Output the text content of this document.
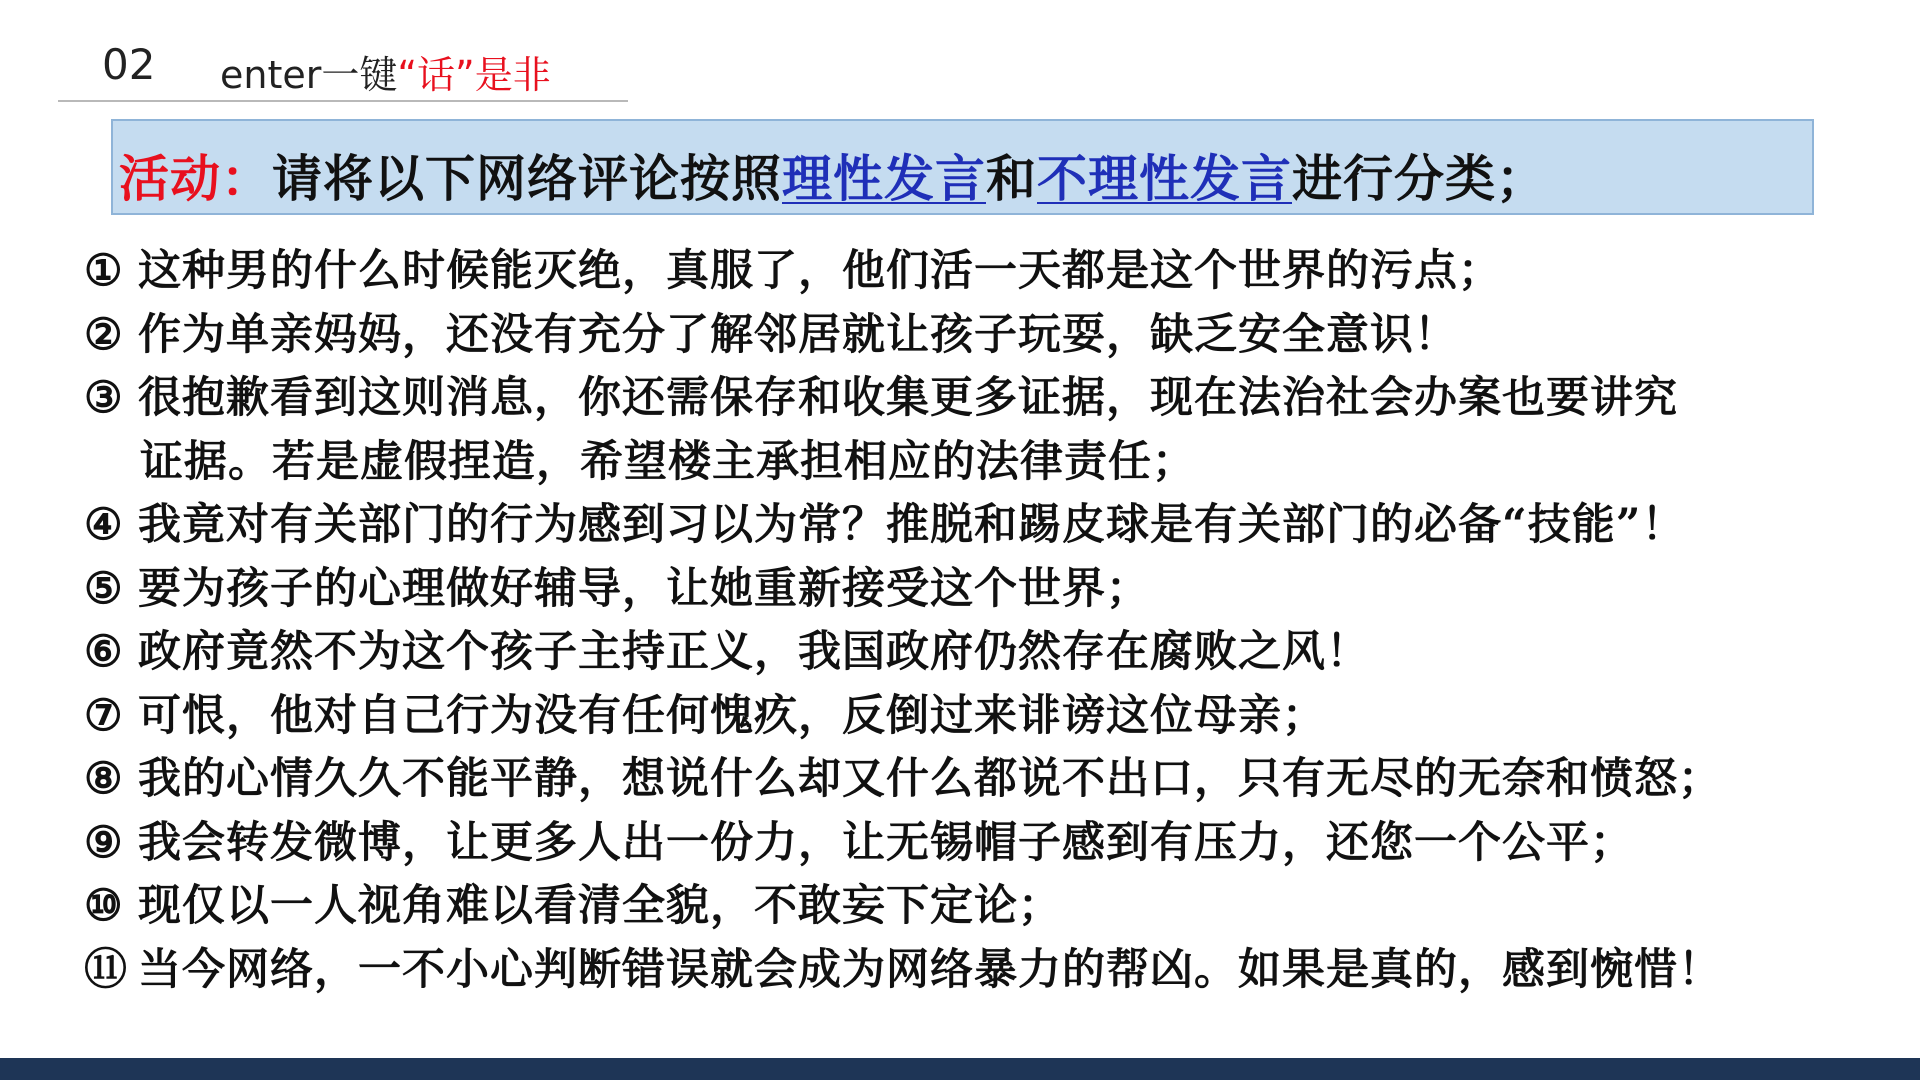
02 enter一键“话”是非
活动：请将以下网络评论按照理性发言和不理性发言进行分类；
① 这种男的什么时候能灭绝，真服了，他们活一天都是这个世界的污点；
② 作为单亲妈妈，还没有充分了解邻居就让孩子玩耍，缺乏安全意识！
③ 很抱歉看到这则消息，你还需保存和收集更多证据，现在法治社会办案也要讲究
证据。若是虚假捏造，希望楼主承担相应的法律责任；
④ 我竟对有关部门的行为感到习以为常？推脱和踢皮球是有关部门的必备“技能”！
⑤ 要为孩子的心理做好辅导，让她重新接受这个世界；
⑥ 政府竟然不为这个孩子主持正义，我国政府仍然存在腐败之风！
⑦ 可恨，他对自己行为没有任何愧疚，反倒过来诽谤这位母亲；
⑧ 我的心情久久不能平静，想说什么却又什么都说不出口，只有无尽的无奈和愤怒；
⑨ 我会转发微博，让更多人出一份力，让无锡帽子感到有压力，还您一个公平；
⑩ 现仅以一人视角难以看清全貌，不敢妄下定论；
⑪ 当今网络，一不小心判断错误就会成为网络暴力的帮凶。如果是真的，感到惋惜！
